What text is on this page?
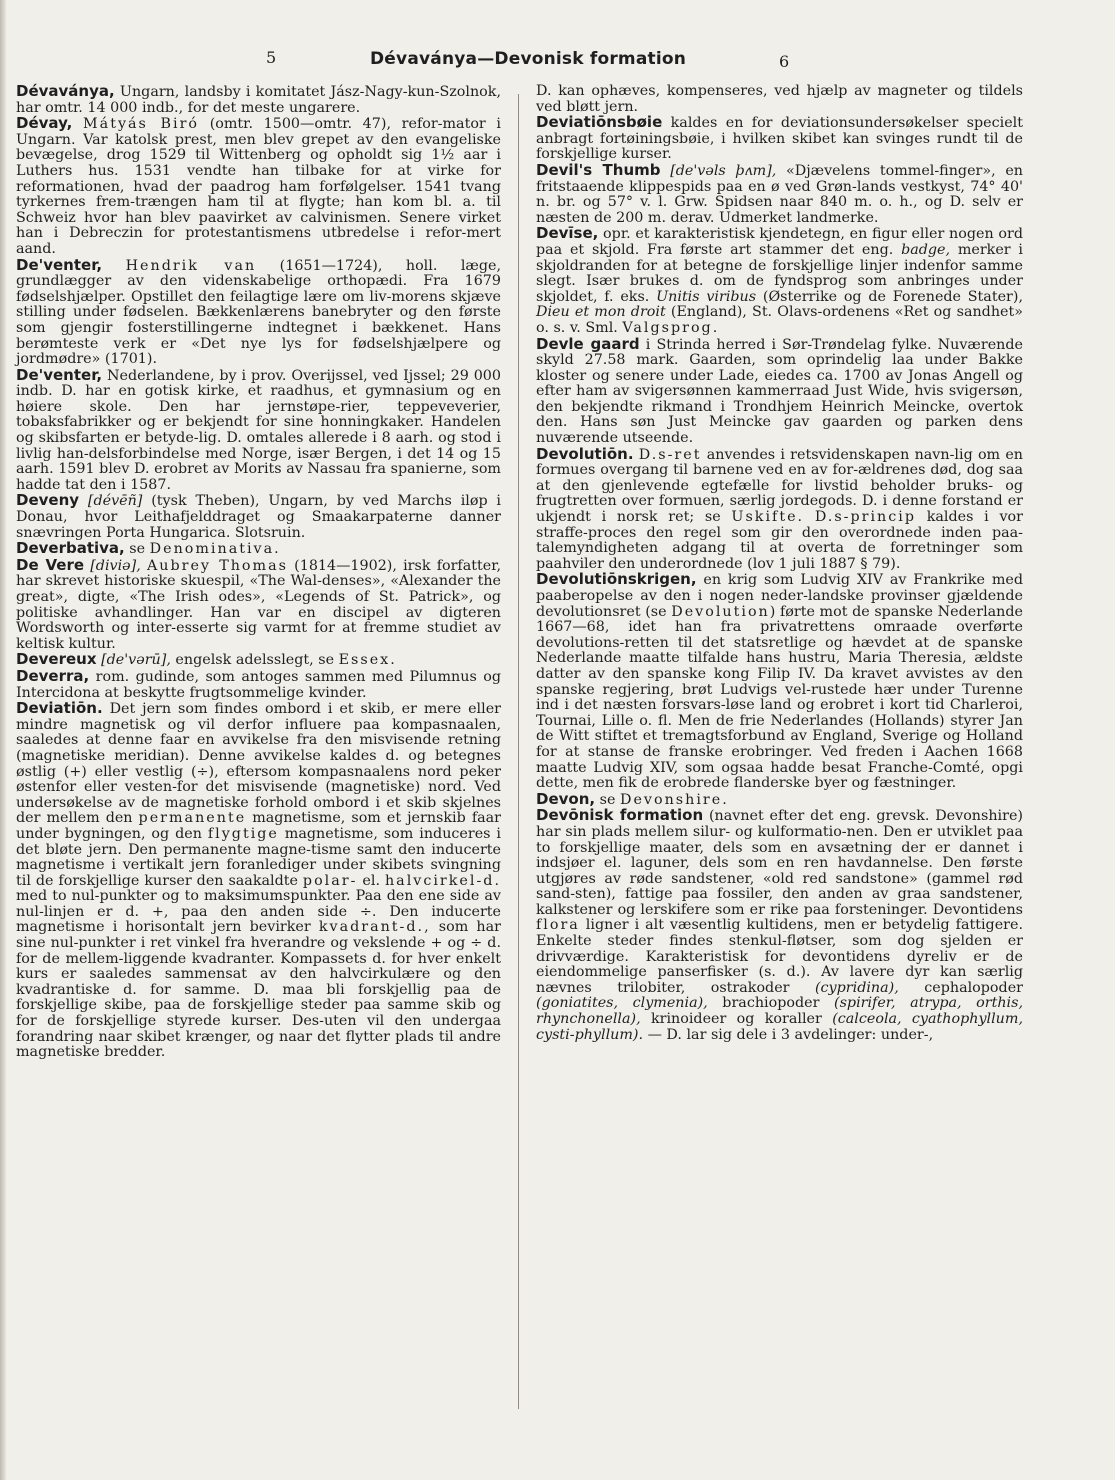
5	Dévaványa—Devonisk formation	6

Dévaványa, Ungarn, landsby i komitatet Jász-Nagy-kun-Szolnok, har omtr. 14 000 indb., for det meste ungarere.

Dévay, Mátyás Biró (omtr. 1500—omtr. 47), refor-mator i Ungarn. Var katolsk prest, men blev grepet av den evangeliske bevægelse, drog 1529 til Wittenberg og opholdt sig 1½ aar i Luthers hus. 1531 vendte han tilbake for at virke for reformationen, hvad der paadrog ham forfølgelser. 1541 tvang tyrkernes frem-trængen ham til at flygte; han kom bl. a. til Schweiz hvor han blev paavirket av calvinismen. Senere virket han i Debreczin for protestantismens utbredelse i refor-mert aand.

De'venter, Hendrik van (1651—1724), holl. læge, grundlægger av den videnskabelige orthopædi. Fra 1679 fødselshjælper. Opstillet den feilagtige lære om liv-morens skjæve stilling under fødselen. Bækkenlærens banebryter og den første som gjengir fosterstillingerne indtegnet i bækkenet. Hans berømteste verk er «Det nye lys for fødselshjælpere og jordmødre» (1701).

De'venter, Nederlandene, by i prov. Overijssel, ved Ijssel; 29 000 indb. D. har en gotisk kirke, et raadhus, et gymnasium og en høiere skole. Den har jernstøpe-rier, teppeveverier, tobaksfabrikker og er bekjendt for sine honningkaker. Handelen og skibsfarten er betyde-lig. D. omtales allerede i 8 aarh. og stod i livlig han-delsforbindelse med Norge, især Bergen, i det 14 og 15 aarh. 1591 blev D. erobret av Morits av Nassau fra spanierne, som hadde tat den i 1587.

Deveny [dévēñ] (tysk Theben), Ungarn, by ved Marchs iløp i Donau, hvor Leithafjelddraget og Smaakarpaterne danner snævringen Porta Hungarica. Slotsruin.

Deverbativa, se Denominativa.

De Vere [diviə], Aubrey Thomas (1814—1902), irsk forfatter, har skrevet historiske skuespil, «The Wal-denses», «Alexander the great», digte, «The Irish odes», «Legends of St. Patrick», og politiske avhandlinger. Han var en discipel av digteren Wordsworth og inter-esserte sig varmt for at fremme studiet av keltisk kultur.

Devereux [de'vərū], engelsk adelsslegt, se Essex.

Deverra, rom. gudinde, som antoges sammen med Pilumnus og Intercidona at beskytte frugtsommelige kvinder.

Deviatiōn. Det jern som findes ombord i et skib, er mere eller mindre magnetisk og vil derfor influere paa kompasnaalen, saaledes at denne faar en avvikelse fra den misvisende retning (magnetiske meridian). Denne avvikelse kaldes d. og betegnes østlig (+) eller vestlig (÷), eftersom kompasnaalens nord peker østenfor eller vesten-for det misvisende (magnetiske) nord. Ved undersøkelse av de magnetiske forhold ombord i et skib skjelnes der mellem den permanente magnetisme, som et jernskib faar under bygningen, og den flygtige magnetisme, som induceres i det bløte jern. Den permanente magne-tisme samt den inducerte magnetisme i vertikalt jern foranlediger under skibets svingning til de forskjellige kurser den saakaldte polar- el. halvcirkel-d. med to nul-punkter og to maksimumspunkter. Paa den ene side av nul-linjen er d. +, paa den anden side ÷. Den inducerte magnetisme i horisontalt jern bevirker kvadrant-d., som har sine nul-punkter i ret vinkel fra hverandre og vekslende + og ÷ d. for de mellem-liggende kvadranter. Kompassets d. for hver enkelt kurs er saaledes sammensat av den halvcirkulære og den kvadrantiske d. for samme. D. maa bli forskjellig paa de forskjellige skibe, paa de forskjellige steder paa samme skib og for de forskjellige styrede kurser. Des-uten vil den undergaa forandring naar skibet krænger, og naar det flytter plads til andre magnetiske bredder.

D. kan ophæves, kompenseres, ved hjælp av magneter og tildels ved bløtt jern.

Deviatiōnsbøie kaldes en for deviationsundersøkelser specielt anbragt fortøiningsbøie, i hvilken skibet kan svinges rundt til de forskjellige kurser.

Devil's Thumb [de'vəls þʌm], «Djævelens tommel-finger», en fritstaaende klippespids paa en ø ved Grøn-lands vestkyst, 74° 40' n. br. og 57° v. l. Grw. Spidsen naar 840 m. o. h., og D. selv er næsten de 200 m. derav. Udmerket landmerke.

Devīse, opr. et karakteristisk kjendetegn, en figur eller nogen ord paa et skjold. Fra første art stammer det eng. badge, merker i skjoldranden for at betegne de forskjellige linjer indenfor samme slegt. Især brukes d. om de fyndsprog som anbringes under skjoldet, f. eks. Unitis viribus (Østerrike og de Forenede Stater), Dieu et mon droit (England), St. Olavs-ordenens «Ret og sandhet» o. s. v. Sml. Valgsprog.

Devle gaard i Strinda herred i Sør-Trøndelag fylke. Nuværende skyld 27.58 mark. Gaarden, som oprindelig laa under Bakke kloster og senere under Lade, eiedes ca. 1700 av Jonas Angell og efter ham av svigersønnen kammerraad Just Wide, hvis svigersøn, den bekjendte rikmand i Trondhjem Heinrich Meincke, overtok den. Hans søn Just Meincke gav gaarden og parken dens nuværende utseende.

Devolutiōn. D.s-ret anvendes i retsvidenskapen navn-lig om en formues overgang til barnene ved en av for-ældrenes død, dog saa at den gjenlevende egtefælle for livstid beholder bruks- og frugtretten over formuen, særlig jordegods. D. i denne forstand er ukjendt i norsk ret; se Uskifte. D.s-princip kaldes i vor straffe-proces den regel som gir den overordnede inden paa-talemyndigheten adgang til at overta de forretninger som paahviler den underordnede (lov 1 juli 1887 § 79).

Devolutiōnskrigen, en krig som Ludvig XIV av Frankrike med paaberopelse av den i nogen neder-landske provinser gjældende devolutionsret (se Devolution) førte mot de spanske Nederlande 1667—68, idet han fra privatrettens omraade overførte devolutions-retten til det statsretlige og hævdet at de spanske Nederlande maatte tilfalde hans hustru, Maria Theresia, ældste datter av den spanske kong Filip IV. Da kravet avvistes av den spanske regjering, brøt Ludvigs vel-rustede hær under Turenne ind i det næsten forsvars-løse land og erobret i kort tid Charleroi, Tournai, Lille o. fl. Men de frie Nederlandes (Hollands) styrer Jan de Witt stiftet et tremagtsforbund av England, Sverige og Holland for at stanse de franske erobringer. Ved freden i Aachen 1668 maatte Ludvig XIV, som ogsaa hadde besat Franche-Comté, opgi dette, men fik de erobrede flanderske byer og fæstninger.

Devon, se Devonshire.

Devōnisk formation (navnet efter det eng. grevsk. Devonshire) har sin plads mellem silur- og kulformatio-nen. Den er utviklet paa to forskjellige maater, dels som en avsætning der er dannet i indsjøer el. laguner, dels som en ren havdannelse. Den første utgjøres av røde sandstener, «old red sandstone» (gammel rød sand-sten), fattige paa fossiler, den anden av graa sandstener, kalkstener og lerskifere som er rike paa forsteninger. Devontidens flora ligner i alt væsentlig kultidens, men er betydelig fattigere. Enkelte steder findes stenkul-fløtser, som dog sjelden er drivværdige. Karakteristisk for devontidens dyreliv er de eiendommelige panserfisker (s. d.). Av lavere dyr kan særlig nævnes trilobiter, ostrakoder (cypridina), cephalopoder (goniatites, clymenia), brachiopoder (spirifer, atrypa, orthis, rhynchonella), krinoideer og koraller (calceola, cyathophyllum, cysti-phyllum). — D. lar sig dele i 3 avdelinger: under-,
